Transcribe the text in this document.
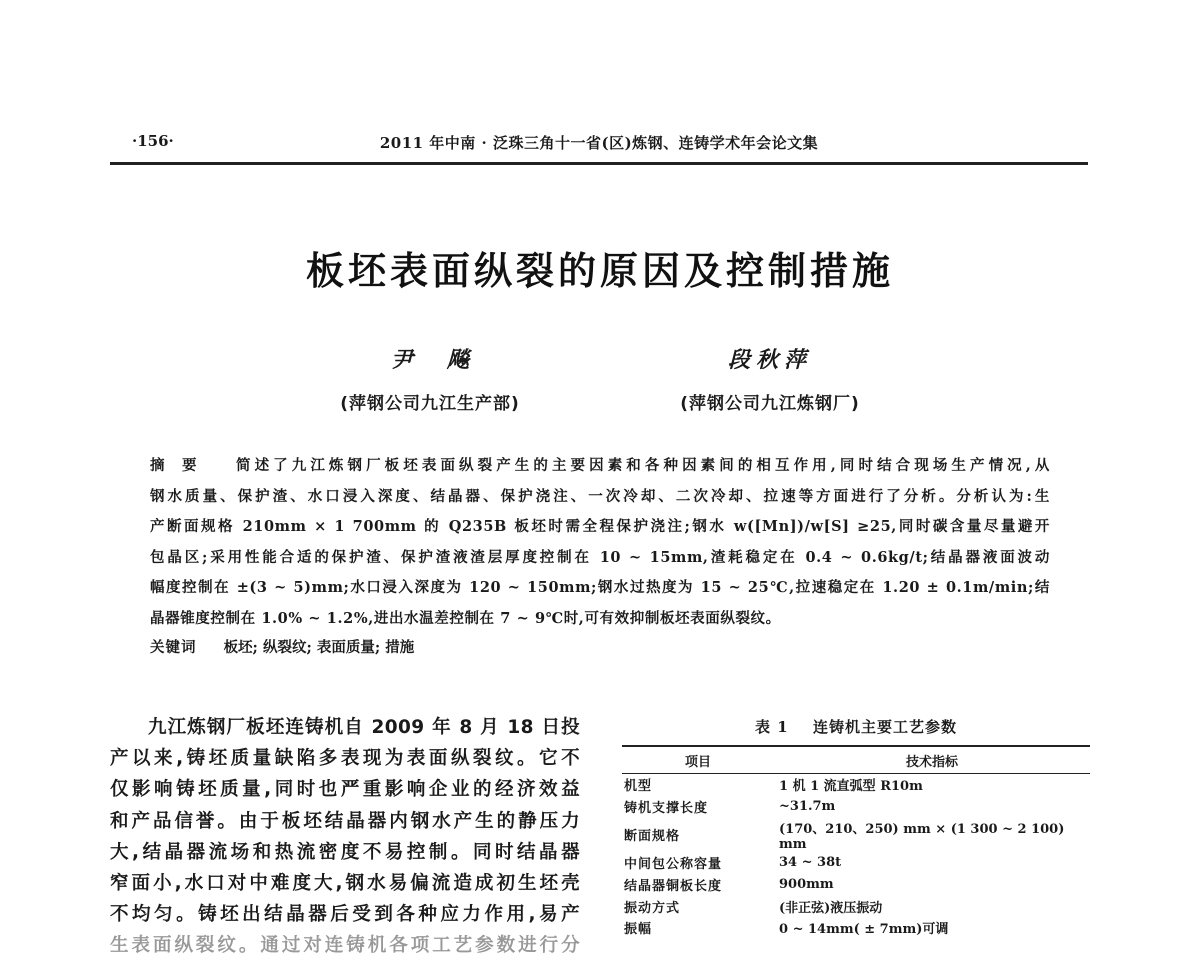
·156·	2011 年中南 · 泛珠三角十一省(区)炼钢、连铸学术年会论文集
板坯表面纵裂的原因及控制措施
尹飚
(萍钢公司九江生产部)
段秋萍
(萍钢公司九江炼钢厂)
摘要 简述了九江炼钢厂板坯表面纵裂产生的主要因素和各种因素间的相互作用,同时结合现场生产情况,从
钢水质量、保护渣、水口浸入深度、结晶器、保护浇注、一次冷却、二次冷却、拉速等方面进行了分析。分析认为:生
产断面规格 210mm × 1 700mm 的 Q235B 板坯时需全程保护浇注;钢水 w([Mn])/w[S] ≥25,同时碳含量尽量避开
包晶区;采用性能合适的保护渣、保护渣液渣层厚度控制在 10 ~ 15mm,渣耗稳定在 0.4 ~ 0.6kg/t;结晶器液面波动
幅度控制在 ±(3 ~ 5)mm;水口浸入深度为 120 ~ 150mm;钢水过热度为 15 ~ 25℃,拉速稳定在 1.20 ± 0.1m/min;结
晶器锥度控制在 1.0% ~ 1.2%,进出水温差控制在 7 ~ 9℃时,可有效抑制板坯表面纵裂纹。
关键词 板坯; 纵裂纹; 表面质量; 措施
九江炼钢厂板坯连铸机自 2009 年 8 月 18 日投
产以来,铸坯质量缺陷多表现为表面纵裂纹。它不
仅影响铸坯质量,同时也严重影响企业的经济效益
和产品信誉。由于板坯结晶器内钢水产生的静压力
大,结晶器流场和热流密度不易控制。同时结晶器
窄面小,水口对中难度大,钢水易偏流造成初生坯壳
不均匀。铸坯出结晶器后受到各种应力作用,易产
生表面纵裂纹。通过对连铸机各项工艺参数进行分
表 1 连铸机主要工艺参数
项目	技术指标
机型	1 机 1 流直弧型 R10m
铸机支撑长度	~31.7m
断面规格	(170、210、250) mm × (1 300 ~ 2 100) mm
中间包公称容量	34 ~ 38t
结晶器铜板长度	900mm
振动方式	(非正弦)液压振动
振幅	0 ~ 14mm( ± 7mm)可调
